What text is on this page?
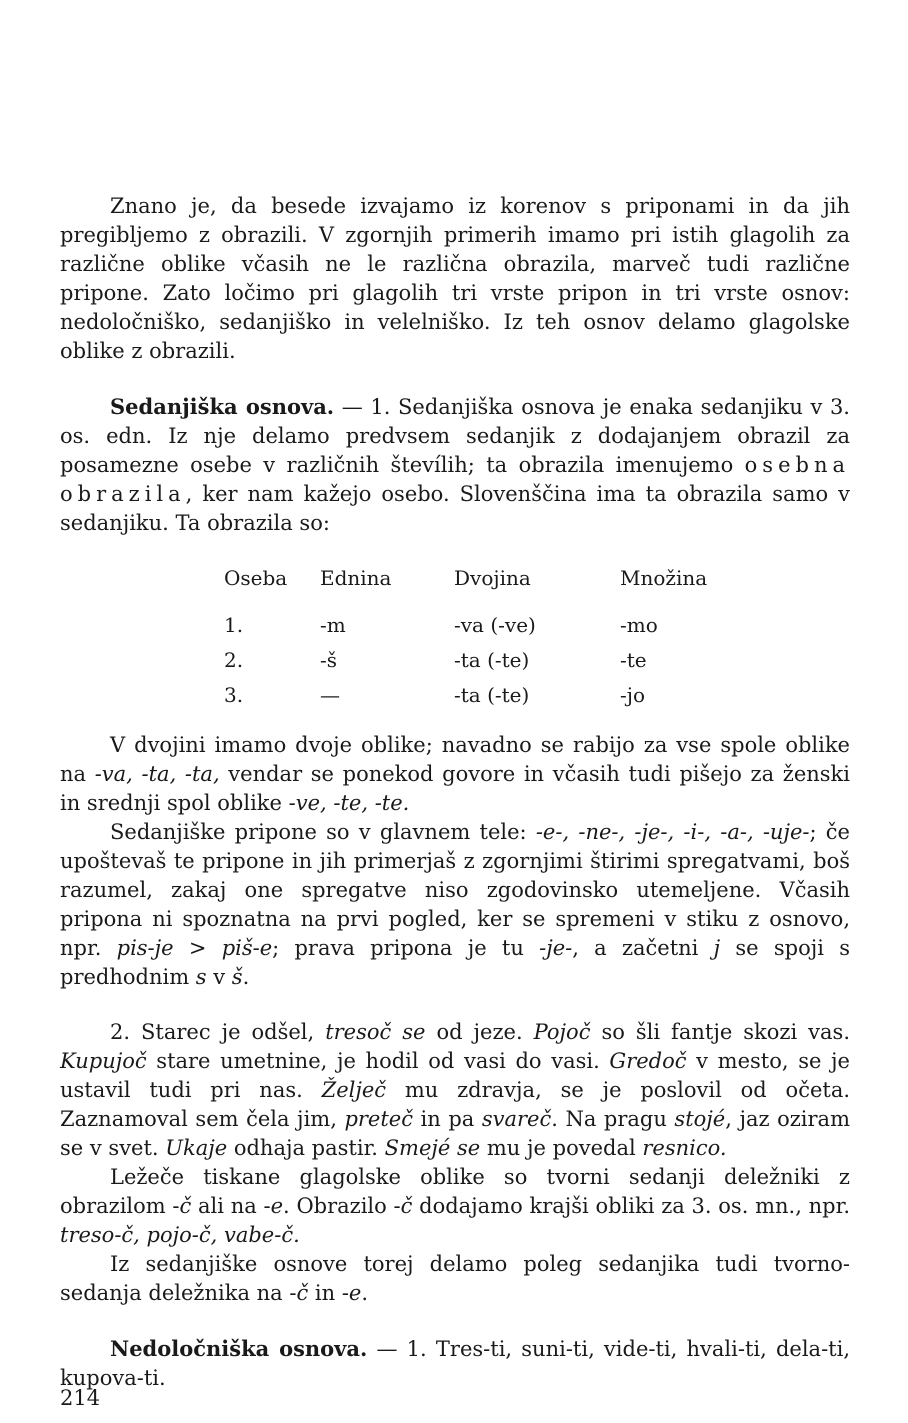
Znano je, da besede izvajamo iz korenov s priponami in da jih pregibljemo z obrazili. V zgornjih primerih imamo pri istih glagolih za različne oblike včasih ne le različna obrazila, marveč tudi različne pripone. Zato ločimo pri glagolih tri vrste pripon in tri vrste osnov: nedoločniško, sedanjiško in velelniško. Iz teh osnov delamo glagolske oblike z obrazili.

Sedanjiška osnova. — 1. Sedanjiška osnova je enaka sedanjiku v 3. os. edn. Iz nje delamo predvsem sedanjik z dodajanjem obrazil za posamezne osebe v različnih števílih; ta obrazila imenujemo osebna obrazila, ker nam kažejo osebo. Slovenščina ima ta obrazila samo v sedanjiku. Ta obrazila so:

Oseba	Ednina	Dvojina	Množina
1.	-m	-va (-ve)	-mo
2.	-š	-ta (-te)	-te
3.	—	-ta (-te)	-jo

V dvojini imamo dvoje oblike; navadno se rabijo za vse spole oblike na -va, -ta, -ta, vendar se ponekod govore in včasih tudi pišejo za ženski in srednji spol oblike -ve, -te, -te.

Sedanjiške pripone so v glavnem tele: -e-, -ne-, -je-, -i-, -a-, -uje-; če upoštevaš te pripone in jih primerjaš z zgornjimi štirimi spregatvami, boš razumel, zakaj one spregatve niso zgodovinsko utemeljene. Včasih pripona ni spoznatna na prvi pogled, ker se spremeni v stiku z osnovo, npr. pis-je > piš-e; prava pripona je tu -je-, a začetni j se spoji s predhodnim s v š.

2. Starec je odšel, tresoč se od jeze. Pojoč so šli fantje skozi vas. Kupujoč stare umetnine, je hodil od vasi do vasi. Gredoč v mesto, se je ustavil tudi pri nas. Želječ mu zdravja, se je poslovil od očeta. Zaznamoval sem čela jim, preteč in pa svareč. Na pragu stojé, jaz oziram se v svet. Ukaje odhaja pastir. Smejé se mu je povedal resnico.

Ležeče tiskane glagolske oblike so tvorni sedanji deležniki z obrazilom -č ali na -e. Obrazilo -č dodajamo krajši obliki za 3. os. mn., npr. treso-č, pojo-č, vabe-č.

Iz sedanjiške osnove torej delamo poleg sedanjika tudi tvorno-sedanja deležnika na -č in -e.

Nedoločniška osnova. — 1. Tres-ti, suni-ti, vide-ti, hvali-ti, dela-ti, kupova-ti.

214
